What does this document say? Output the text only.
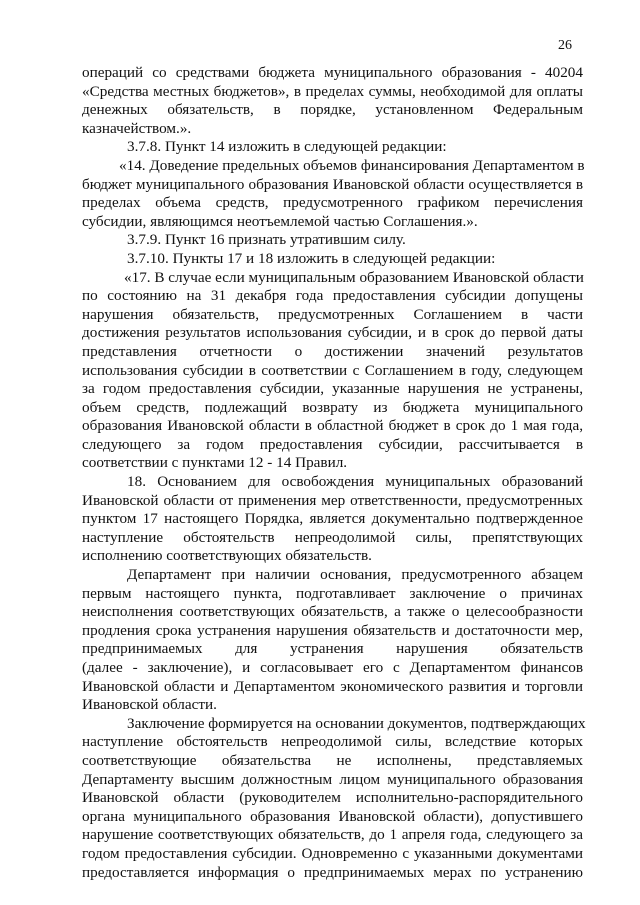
26
операций со средствами бюджета муниципального образования - 40204
«Средства местных бюджетов», в пределах суммы, необходимой для оплаты
денежных обязательств, в порядке, установленном Федеральным
казначейством.».
3.7.8. Пункт 14 изложить в следующей редакции:
«14. Доведение предельных объемов финансирования Департаментом в
бюджет муниципального образования Ивановской области осуществляется в
пределах объема средств, предусмотренного графиком перечисления
субсидии, являющимся неотъемлемой частью Соглашения.».
3.7.9. Пункт 16 признать утратившим силу.
3.7.10. Пункты 17 и 18 изложить в следующей редакции:
«17. В случае если муниципальным образованием Ивановской области
по состоянию на 31 декабря года предоставления субсидии допущены
нарушения обязательств, предусмотренных Соглашением в части
достижения результатов использования субсидии, и в срок до первой даты
представления отчетности о достижении значений результатов
использования субсидии в соответствии с Соглашением в году, следующем
за годом предоставления субсидии, указанные нарушения не устранены,
объем средств, подлежащий возврату из бюджета муниципального
образования Ивановской области в областной бюджет в срок до 1 мая года,
следующего за годом предоставления субсидии, рассчитывается в
соответствии с пунктами 12 - 14 Правил.
18. Основанием для освобождения муниципальных образований
Ивановской области от применения мер ответственности, предусмотренных
пунктом 17 настоящего Порядка, является документально подтвержденное
наступление обстоятельств непреодолимой силы, препятствующих
исполнению соответствующих обязательств.
Департамент при наличии основания, предусмотренного абзацем
первым настоящего пункта, подготавливает заключение о причинах
неисполнения соответствующих обязательств, а также о целесообразности
продления срока устранения нарушения обязательств и достаточности мер,
предпринимаемых для устранения нарушения обязательств
(далее - заключение), и согласовывает его с Департаментом финансов
Ивановской области и Департаментом экономического развития и торговли
Ивановской области.
Заключение формируется на основании документов, подтверждающих
наступление обстоятельств непреодолимой силы, вследствие которых
соответствующие обязательства не исполнены, представляемых
Департаменту высшим должностным лицом муниципального образования
Ивановской области (руководителем исполнительно-распорядительного
органа муниципального образования Ивановской области), допустившего
нарушение соответствующих обязательств, до 1 апреля года, следующего за
годом предоставления субсидии. Одновременно с указанными документами
предоставляется информация о предпринимаемых мерах по устранению
